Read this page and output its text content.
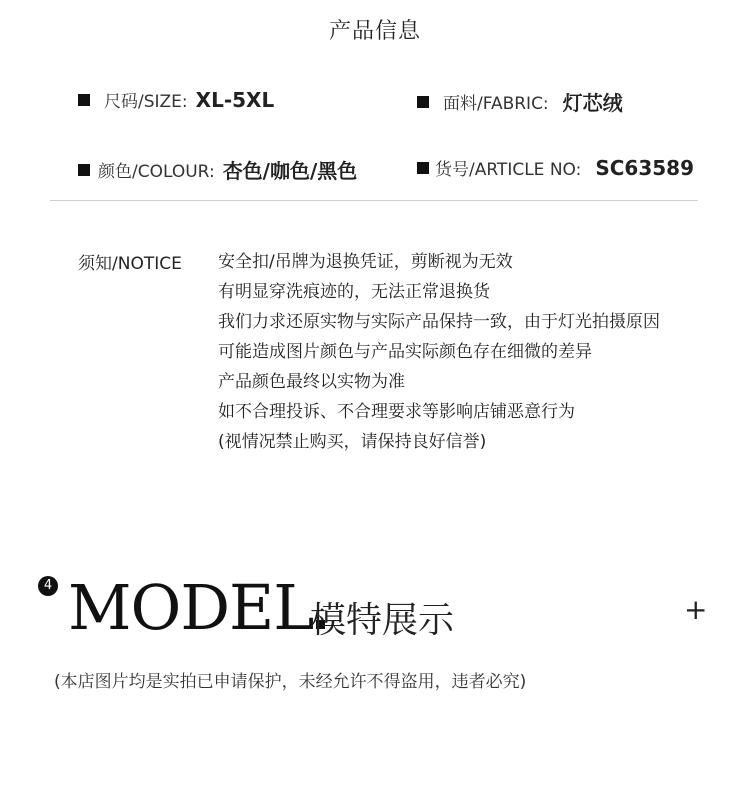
产品信息
尺码/SIZE: XL-5XL	面料/FABRIC: 灯芯绒
颜色/COLOUR: 杏色/咖色/黑色	货号/ARTICLE NO: SC63589
须知/NOTICE 安全扣/吊牌为退换凭证，剪断视为无效
有明显穿洗痕迹的，无法正常退换货
我们力求还原实物与实际产品保持一致，由于灯光拍摄原因
可能造成图片颜色与产品实际颜色存在细微的差异
产品颜色最终以实物为准
如不合理投诉、不合理要求等影响店铺恶意行为
(视情况禁止购买，请保持良好信誉)
4 MODEL
模特展示	+
(本店图片均是实拍已申请保护，未经允许不得盗用，违者必究)
